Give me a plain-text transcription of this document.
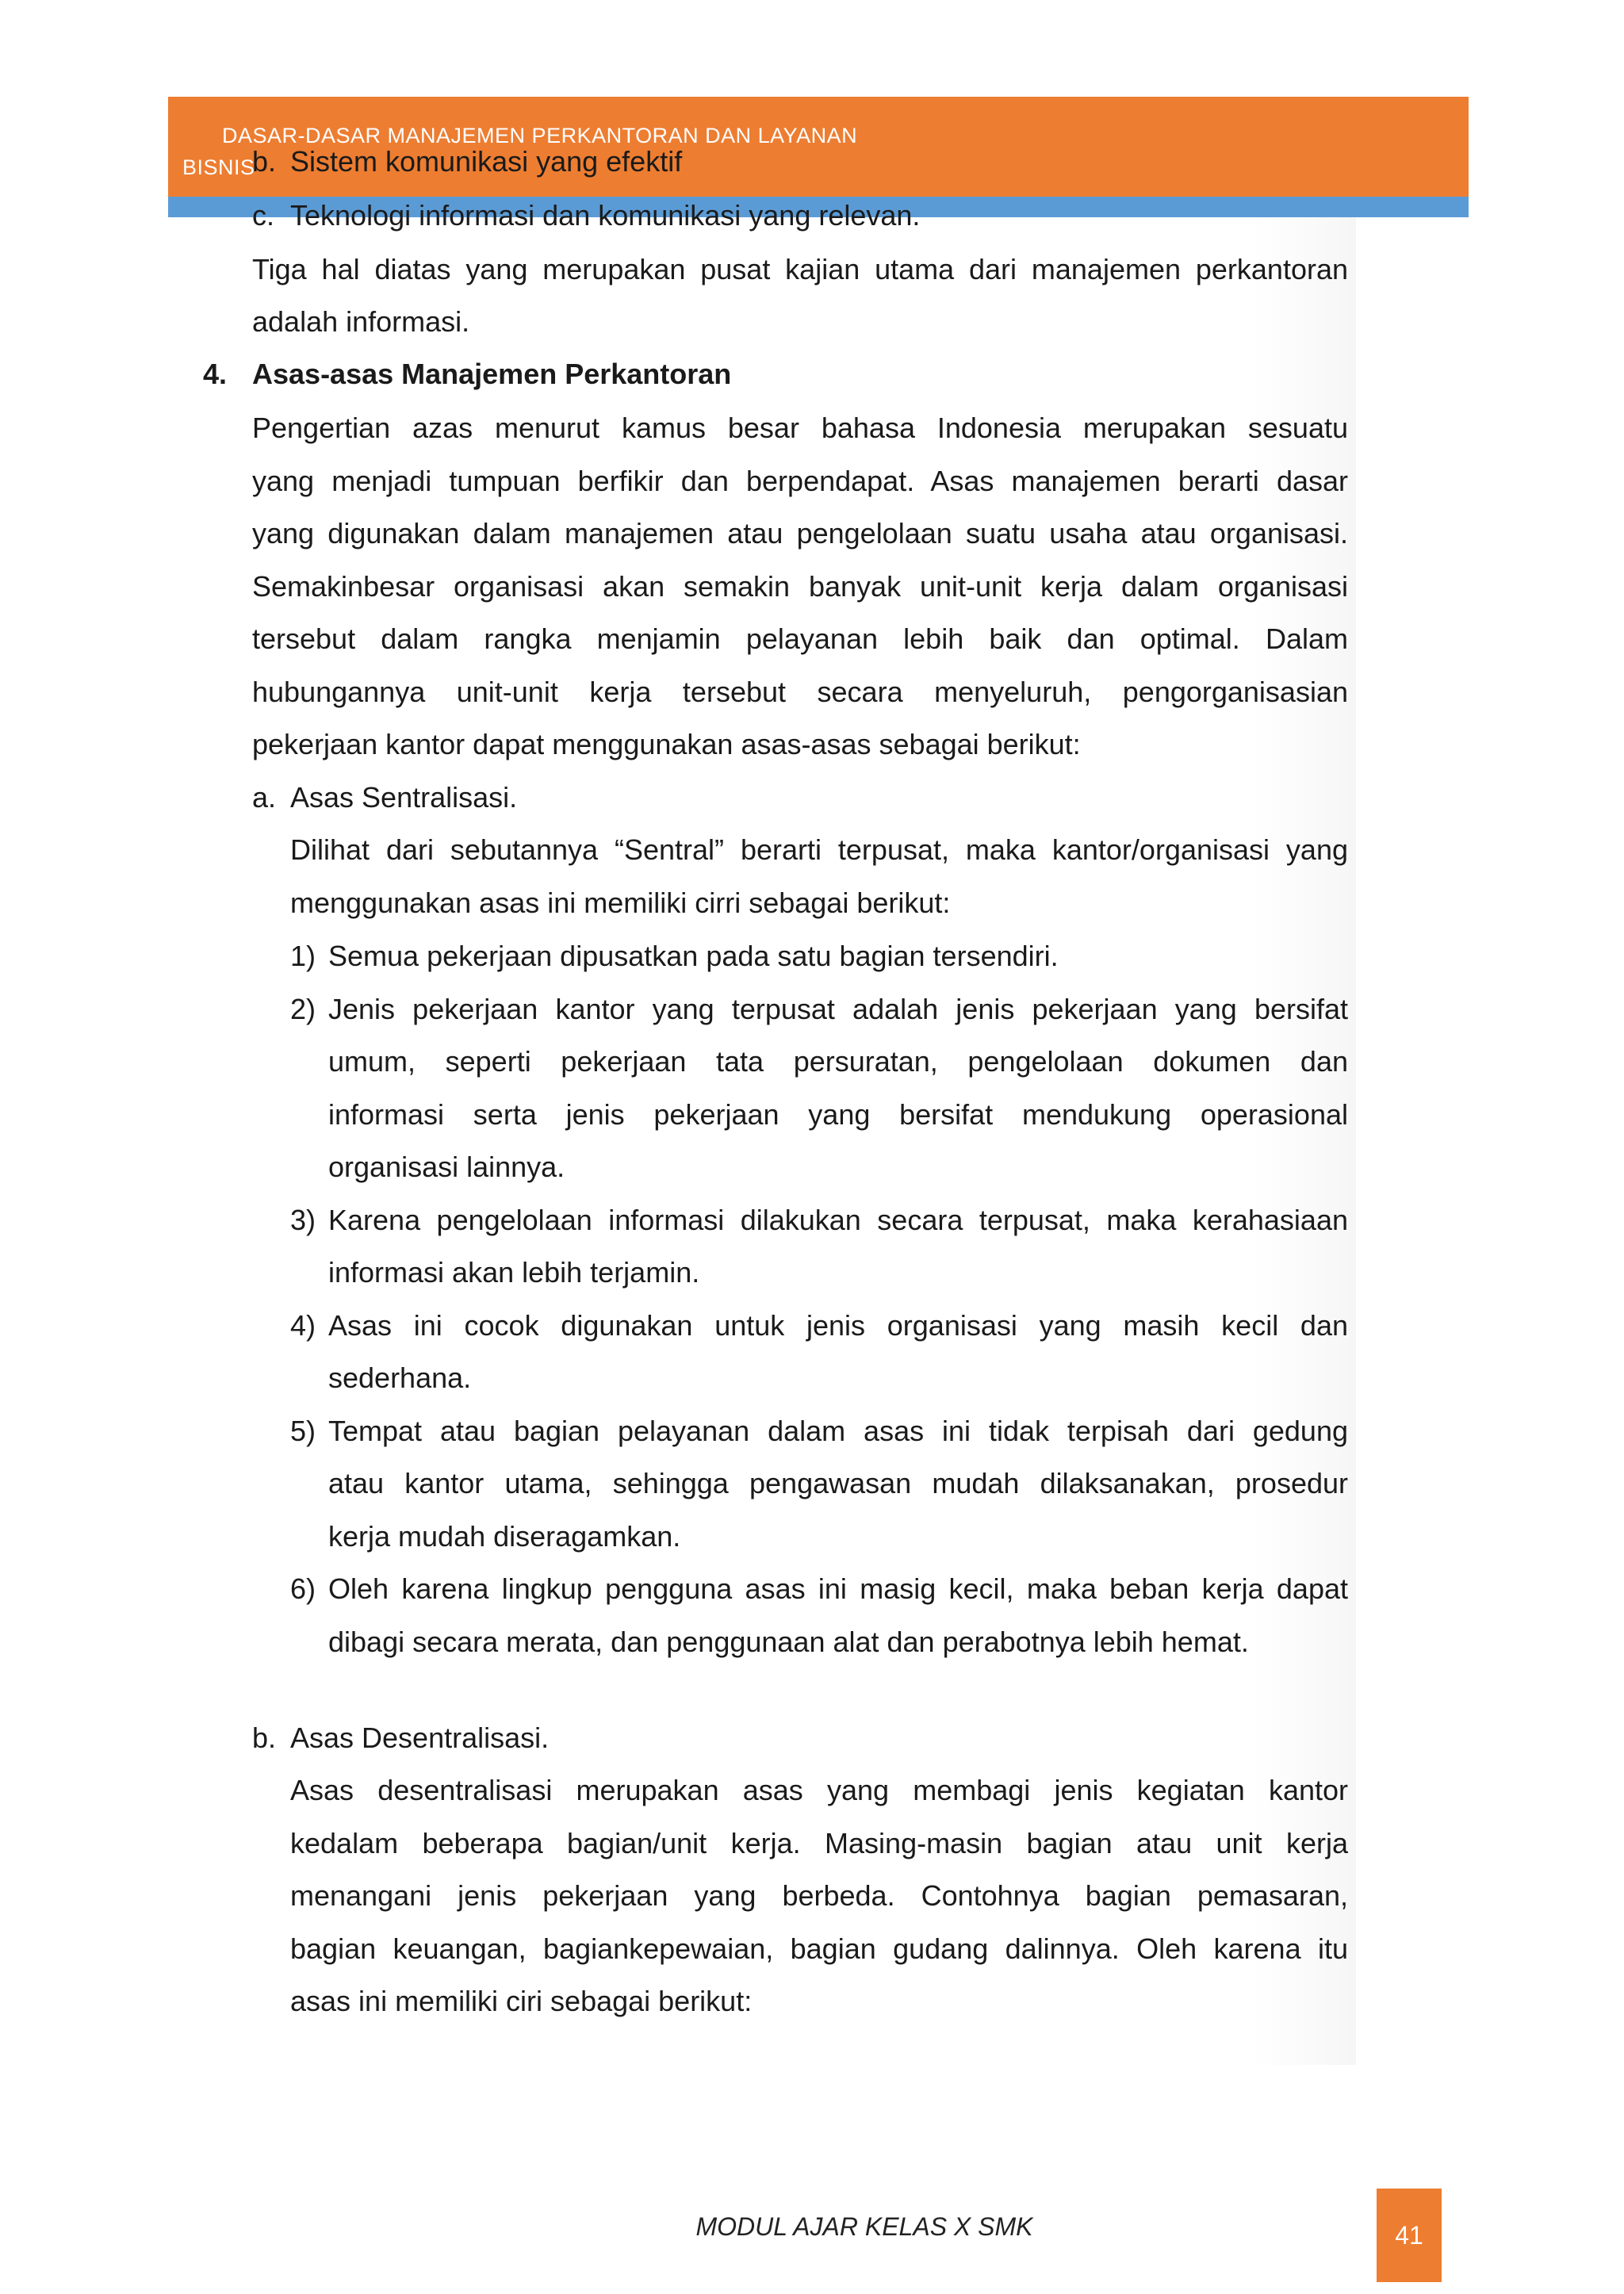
DASAR-DASAR MANAJEMEN PERKANTORAN DAN LAYANAN
BISNIS
b. Sistem komunikasi yang efektif
c. Teknologi informasi dan komunikasi yang relevan.
Tiga hal diatas yang merupakan pusat kajian utama dari manajemen perkantoran
adalah informasi.
4. Asas-asas Manajemen Perkantoran
Pengertian azas menurut kamus besar bahasa Indonesia merupakan sesuatu
yang menjadi tumpuan berfikir dan berpendapat. Asas manajemen berarti dasar
yang digunakan dalam manajemen atau pengelolaan suatu usaha atau organisasi.
Semakinbesar organisasi akan semakin banyak unit-unit kerja dalam organisasi
tersebut dalam rangka menjamin pelayanan lebih baik dan optimal. Dalam
hubungannya unit-unit kerja tersebut secara menyeluruh, pengorganisasian
pekerjaan kantor dapat menggunakan asas-asas sebagai berikut:
a. Asas Sentralisasi.
Dilihat dari sebutannya “Sentral” berarti terpusat, maka kantor/organisasi yang
menggunakan asas ini memiliki cirri sebagai berikut:
1) Semua pekerjaan dipusatkan pada satu bagian tersendiri.
2) Jenis pekerjaan kantor yang terpusat adalah jenis pekerjaan yang bersifat
umum, seperti pekerjaan tata persuratan, pengelolaan dokumen dan
informasi serta jenis pekerjaan yang bersifat mendukung operasional
organisasi lainnya.
3) Karena pengelolaan informasi dilakukan secara terpusat, maka kerahasiaan
informasi akan lebih terjamin.
4) Asas ini cocok digunakan untuk jenis organisasi yang masih kecil dan
sederhana.
5) Tempat atau bagian pelayanan dalam asas ini tidak terpisah dari gedung
atau kantor utama, sehingga pengawasan mudah dilaksanakan, prosedur
kerja mudah diseragamkan.
6) Oleh karena lingkup pengguna asas ini masig kecil, maka beban kerja dapat
dibagi secara merata, dan penggunaan alat dan perabotnya lebih hemat.
b. Asas Desentralisasi.
Asas desentralisasi merupakan asas yang membagi jenis kegiatan kantor
kedalam beberapa bagian/unit kerja. Masing-masin bagian atau unit kerja
menangani jenis pekerjaan yang berbeda. Contohnya bagian pemasaran,
bagian keuangan, bagiankepewaian, bagian gudang dalinnya. Oleh karena itu
asas ini memiliki ciri sebagai berikut:
MODUL AJAR KELAS X SMK	41
